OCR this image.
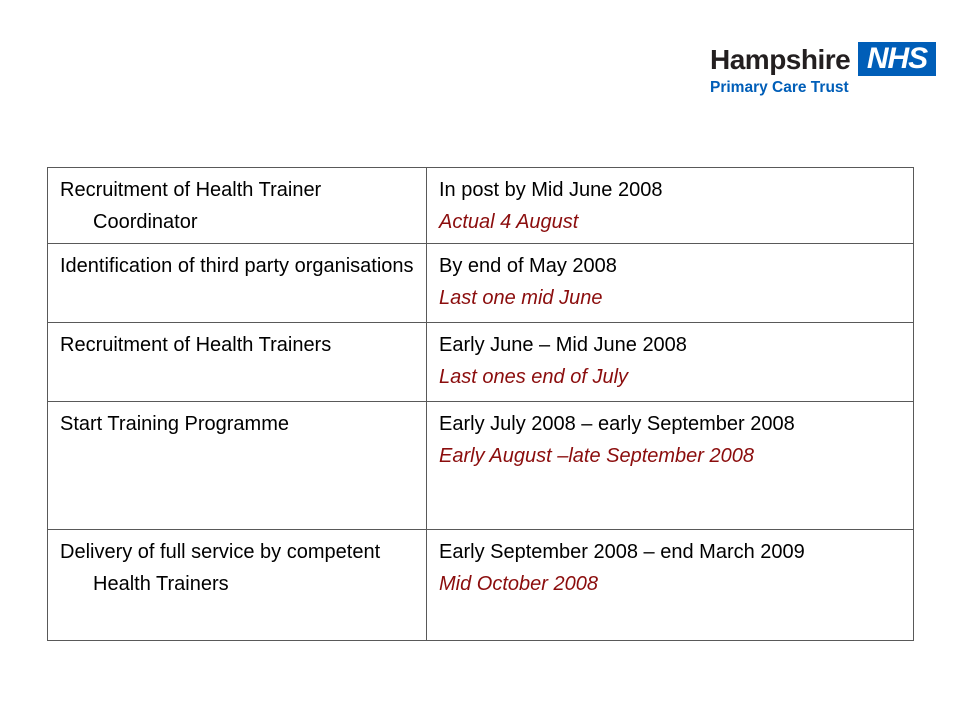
Hampshire NHS
Primary Care Trust
Recruitment of Health Trainer Coordinator	In post by Mid June 2008
Actual 4 August

Identification of third party organisations	By end of May 2008
Last one mid June

Recruitment of Health Trainers	Early June – Mid June 2008
Last ones end of July

Start Training Programme	Early July 2008 – early September 2008
Early August –late September 2008

Delivery of full service by competent Health Trainers	Early September 2008 – end March 2009
Mid October 2008
